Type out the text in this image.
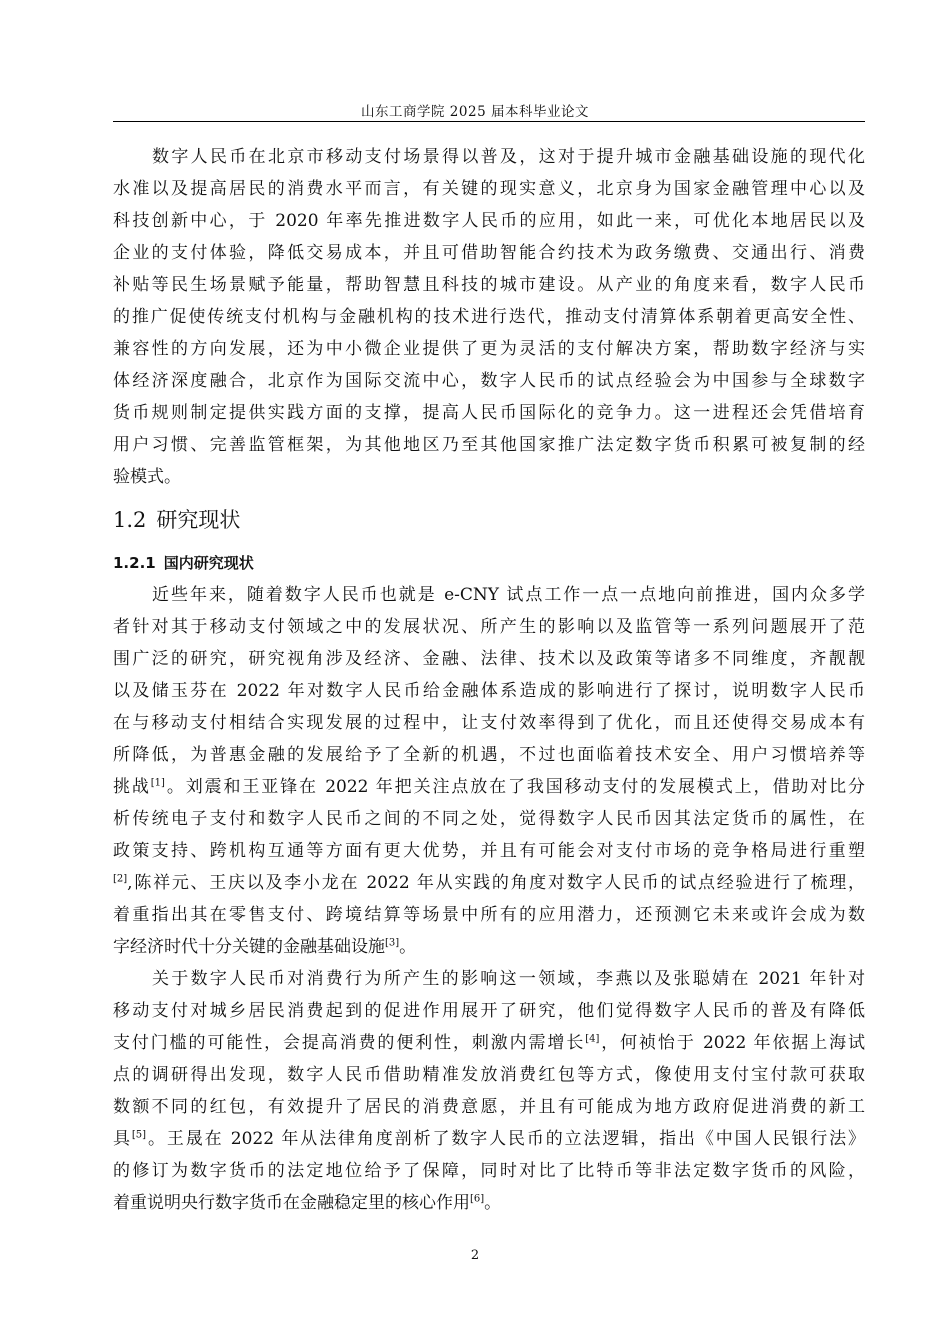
山东工商学院 2025 届本科毕业论文
数字人民币在北京市移动支付场景得以普及，这对于提升城市金融基础设施的现代化
水准以及提高居民的消费水平而言，有关键的现实意义，北京身为国家金融管理中心以及
科技创新中心，于 2020 年率先推进数字人民币的应用，如此一来，可优化本地居民以及
企业的支付体验，降低交易成本，并且可借助智能合约技术为政务缴费、交通出行、消费
补贴等民生场景赋予能量，帮助智慧且科技的城市建设。从产业的角度来看，数字人民币
的推广促使传统支付机构与金融机构的技术进行迭代，推动支付清算体系朝着更高安全性、
兼容性的方向发展，还为中小微企业提供了更为灵活的支付解决方案，帮助数字经济与实
体经济深度融合，北京作为国际交流中心，数字人民币的试点经验会为中国参与全球数字
货币规则制定提供实践方面的支撑，提高人民币国际化的竞争力。这一进程还会凭借培育
用户习惯、完善监管框架，为其他地区乃至其他国家推广法定数字货币积累可被复制的经
验模式。
1.2 研究现状
1.2.1 国内研究现状
近些年来，随着数字人民币也就是 e-CNY 试点工作一点一点地向前推进，国内众多学
者针对其于移动支付领域之中的发展状况、所产生的影响以及监管等一系列问题展开了范
围广泛的研究，研究视角涉及经济、金融、法律、技术以及政策等诸多不同维度，齐靓靓
以及储玉芬在 2022 年对数字人民币给金融体系造成的影响进行了探讨，说明数字人民币
在与移动支付相结合实现发展的过程中，让支付效率得到了优化，而且还使得交易成本有
所降低，为普惠金融的发展给予了全新的机遇，不过也面临着技术安全、用户习惯培养等
挑战[1]。刘震和王亚锋在 2022 年把关注点放在了我国移动支付的发展模式上，借助对比分
析传统电子支付和数字人民币之间的不同之处，觉得数字人民币因其法定货币的属性，在
政策支持、跨机构互通等方面有更大优势，并且有可能会对支付市场的竞争格局进行重塑
[2],陈祥元、王庆以及李小龙在 2022 年从实践的角度对数字人民币的试点经验进行了梳理，
着重指出其在零售支付、跨境结算等场景中所有的应用潜力，还预测它未来或许会成为数
字经济时代十分关键的金融基础设施[3]。
关于数字人民币对消费行为所产生的影响这一领域，李燕以及张聪婧在 2021 年针对
移动支付对城乡居民消费起到的促进作用展开了研究，他们觉得数字人民币的普及有降低
支付门槛的可能性，会提高消费的便利性，刺激内需增长[4]，何祯怡于 2022 年依据上海试
点的调研得出发现，数字人民币借助精准发放消费红包等方式，像使用支付宝付款可获取
数额不同的红包，有效提升了居民的消费意愿，并且有可能成为地方政府促进消费的新工
具[5]。王晟在 2022 年从法律角度剖析了数字人民币的立法逻辑，指出《中国人民银行法》
的修订为数字货币的法定地位给予了保障，同时对比了比特币等非法定数字货币的风险，
着重说明央行数字货币在金融稳定里的核心作用[6]。
2
